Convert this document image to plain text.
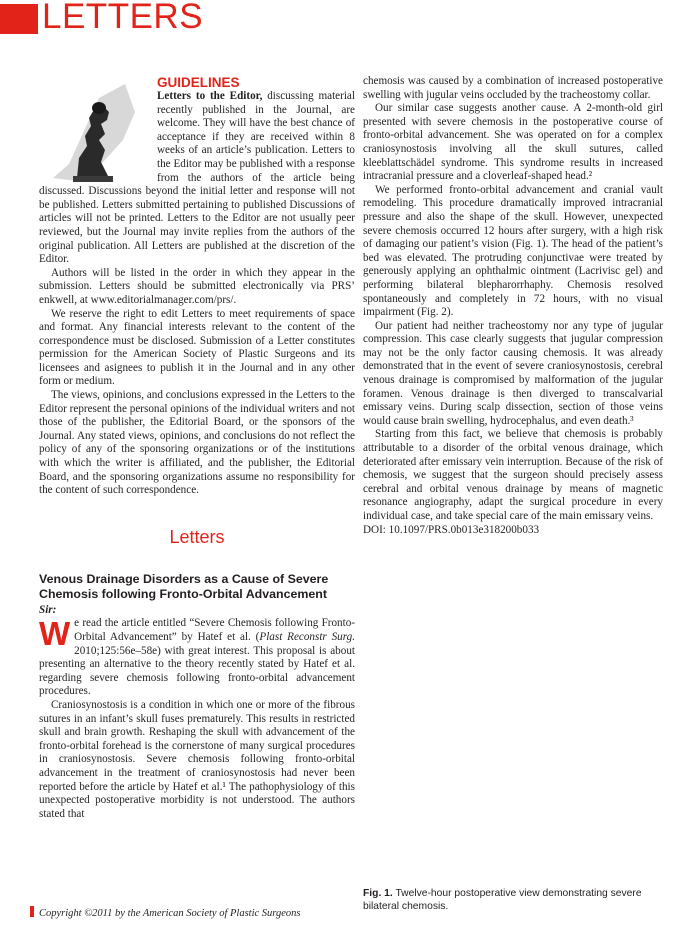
LETTERS
GUIDELINES

Letters to the Editor, discussing material recently published in the Journal, are welcome. They will have the best chance of acceptance if they are received within 8 weeks of an article’s publication. Letters to the Editor may be published with a response from the authors of the article being discussed. Discussions beyond the initial letter and response will not be published. Letters submitted pertaining to published Discussions of articles will not be printed. Letters to the Editor are not usually peer reviewed, but the Journal may invite replies from the authors of the original publication. All Letters are published at the discretion of the Editor.

Authors will be listed in the order in which they appear in the submission. Letters should be submitted electronically via PRS’ enkwell, at www.editorialmanager.com/prs/.

We reserve the right to edit Letters to meet requirements of space and format. Any financial interests relevant to the content of the correspondence must be disclosed. Submission of a Letter constitutes permission for the American Society of Plastic Surgeons and its licensees and asignees to publish it in the Journal and in any other form or medium.

The views, opinions, and conclusions expressed in the Letters to the Editor represent the personal opinions of the individual writers and not those of the publisher, the Editorial Board, or the sponsors of the Journal. Any stated views, opinions, and conclusions do not reflect the policy of any of the sponsoring organizations or of the institutions with which the writer is affiliated, and the publisher, the Editorial Board, and the sponsoring organizations assume no responsibility for the content of such correspondence.

Letters
Venous Drainage Disorders as a Cause of Severe Chemosis following Fronto-Orbital Advancement
Sir:

We read the article entitled “Severe Chemosis following Fronto-Orbital Advancement” by Hatef et al. (Plast Reconstr Surg. 2010;125:56e–58e) with great interest. This proposal is about presenting an alternative to the theory recently stated by Hatef et al. regarding severe chemosis following fronto-orbital advancement procedures.

Craniosynostosis is a condition in which one or more of the fibrous sutures in an infant’s skull fuses prematurely. This results in restricted skull and brain growth. Reshaping the skull with advancement of the fronto-orbital forehead is the cornerstone of many surgical procedures in craniosynostosis. Severe chemosis following fronto-orbital advancement in the treatment of craniosynostosis had never been reported before the article by Hatef et al.¹ The pathophysiology of this unexpected postoperative morbidity is not understood. The authors stated that

chemosis was caused by a combination of increased postoperative swelling with jugular veins occluded by the tracheostomy collar.

Our similar case suggests another cause. A 2-month-old girl presented with severe chemosis in the postoperative course of fronto-orbital advancement. She was operated on for a complex craniosynostosis involving all the skull sutures, called kleeblattschädel syndrome. This syndrome results in increased intracranial pressure and a cloverleaf-shaped head.²

We performed fronto-orbital advancement and cranial vault remodeling. This procedure dramatically improved intracranial pressure and also the shape of the skull. However, unexpected severe chemosis occurred 12 hours after surgery, with a high risk of damaging our patient’s vision (Fig. 1). The head of the patient’s bed was elevated. The protruding conjunctivae were treated by generously applying an ophthalmic ointment (Lacrivisc gel) and performing bilateral blepharorrhaphy. Chemosis resolved spontaneously and completely in 72 hours, with no visual impairment (Fig. 2).

Our patient had neither tracheostomy nor any type of jugular compression. This case clearly suggests that jugular compression may not be the only factor causing chemosis. It was already demonstrated that in the event of severe craniosynostosis, cerebral venous drainage is compromised by malformation of the jugular foramen. Venous drainage is then diverged to transcalvarial emissary veins. During scalp dissection, section of those veins would cause brain swelling, hydrocephalus, and even death.³

Starting from this fact, we believe that chemosis is probably attributable to a disorder of the orbital venous drainage, which deteriorated after emissary vein interruption. Because of the risk of chemosis, we suggest that the surgeon should precisely assess cerebral and orbital venous drainage by means of magnetic resonance angiography, adapt the surgical procedure in every individual case, and take special care of the main emissary veins.

DOI: 10.1097/PRS.0b013e318200b033

Fig. 1. Twelve-hour postoperative view demonstrating severe bilateral chemosis.
Copyright ©2011 by the American Society of Plastic Surgeons
